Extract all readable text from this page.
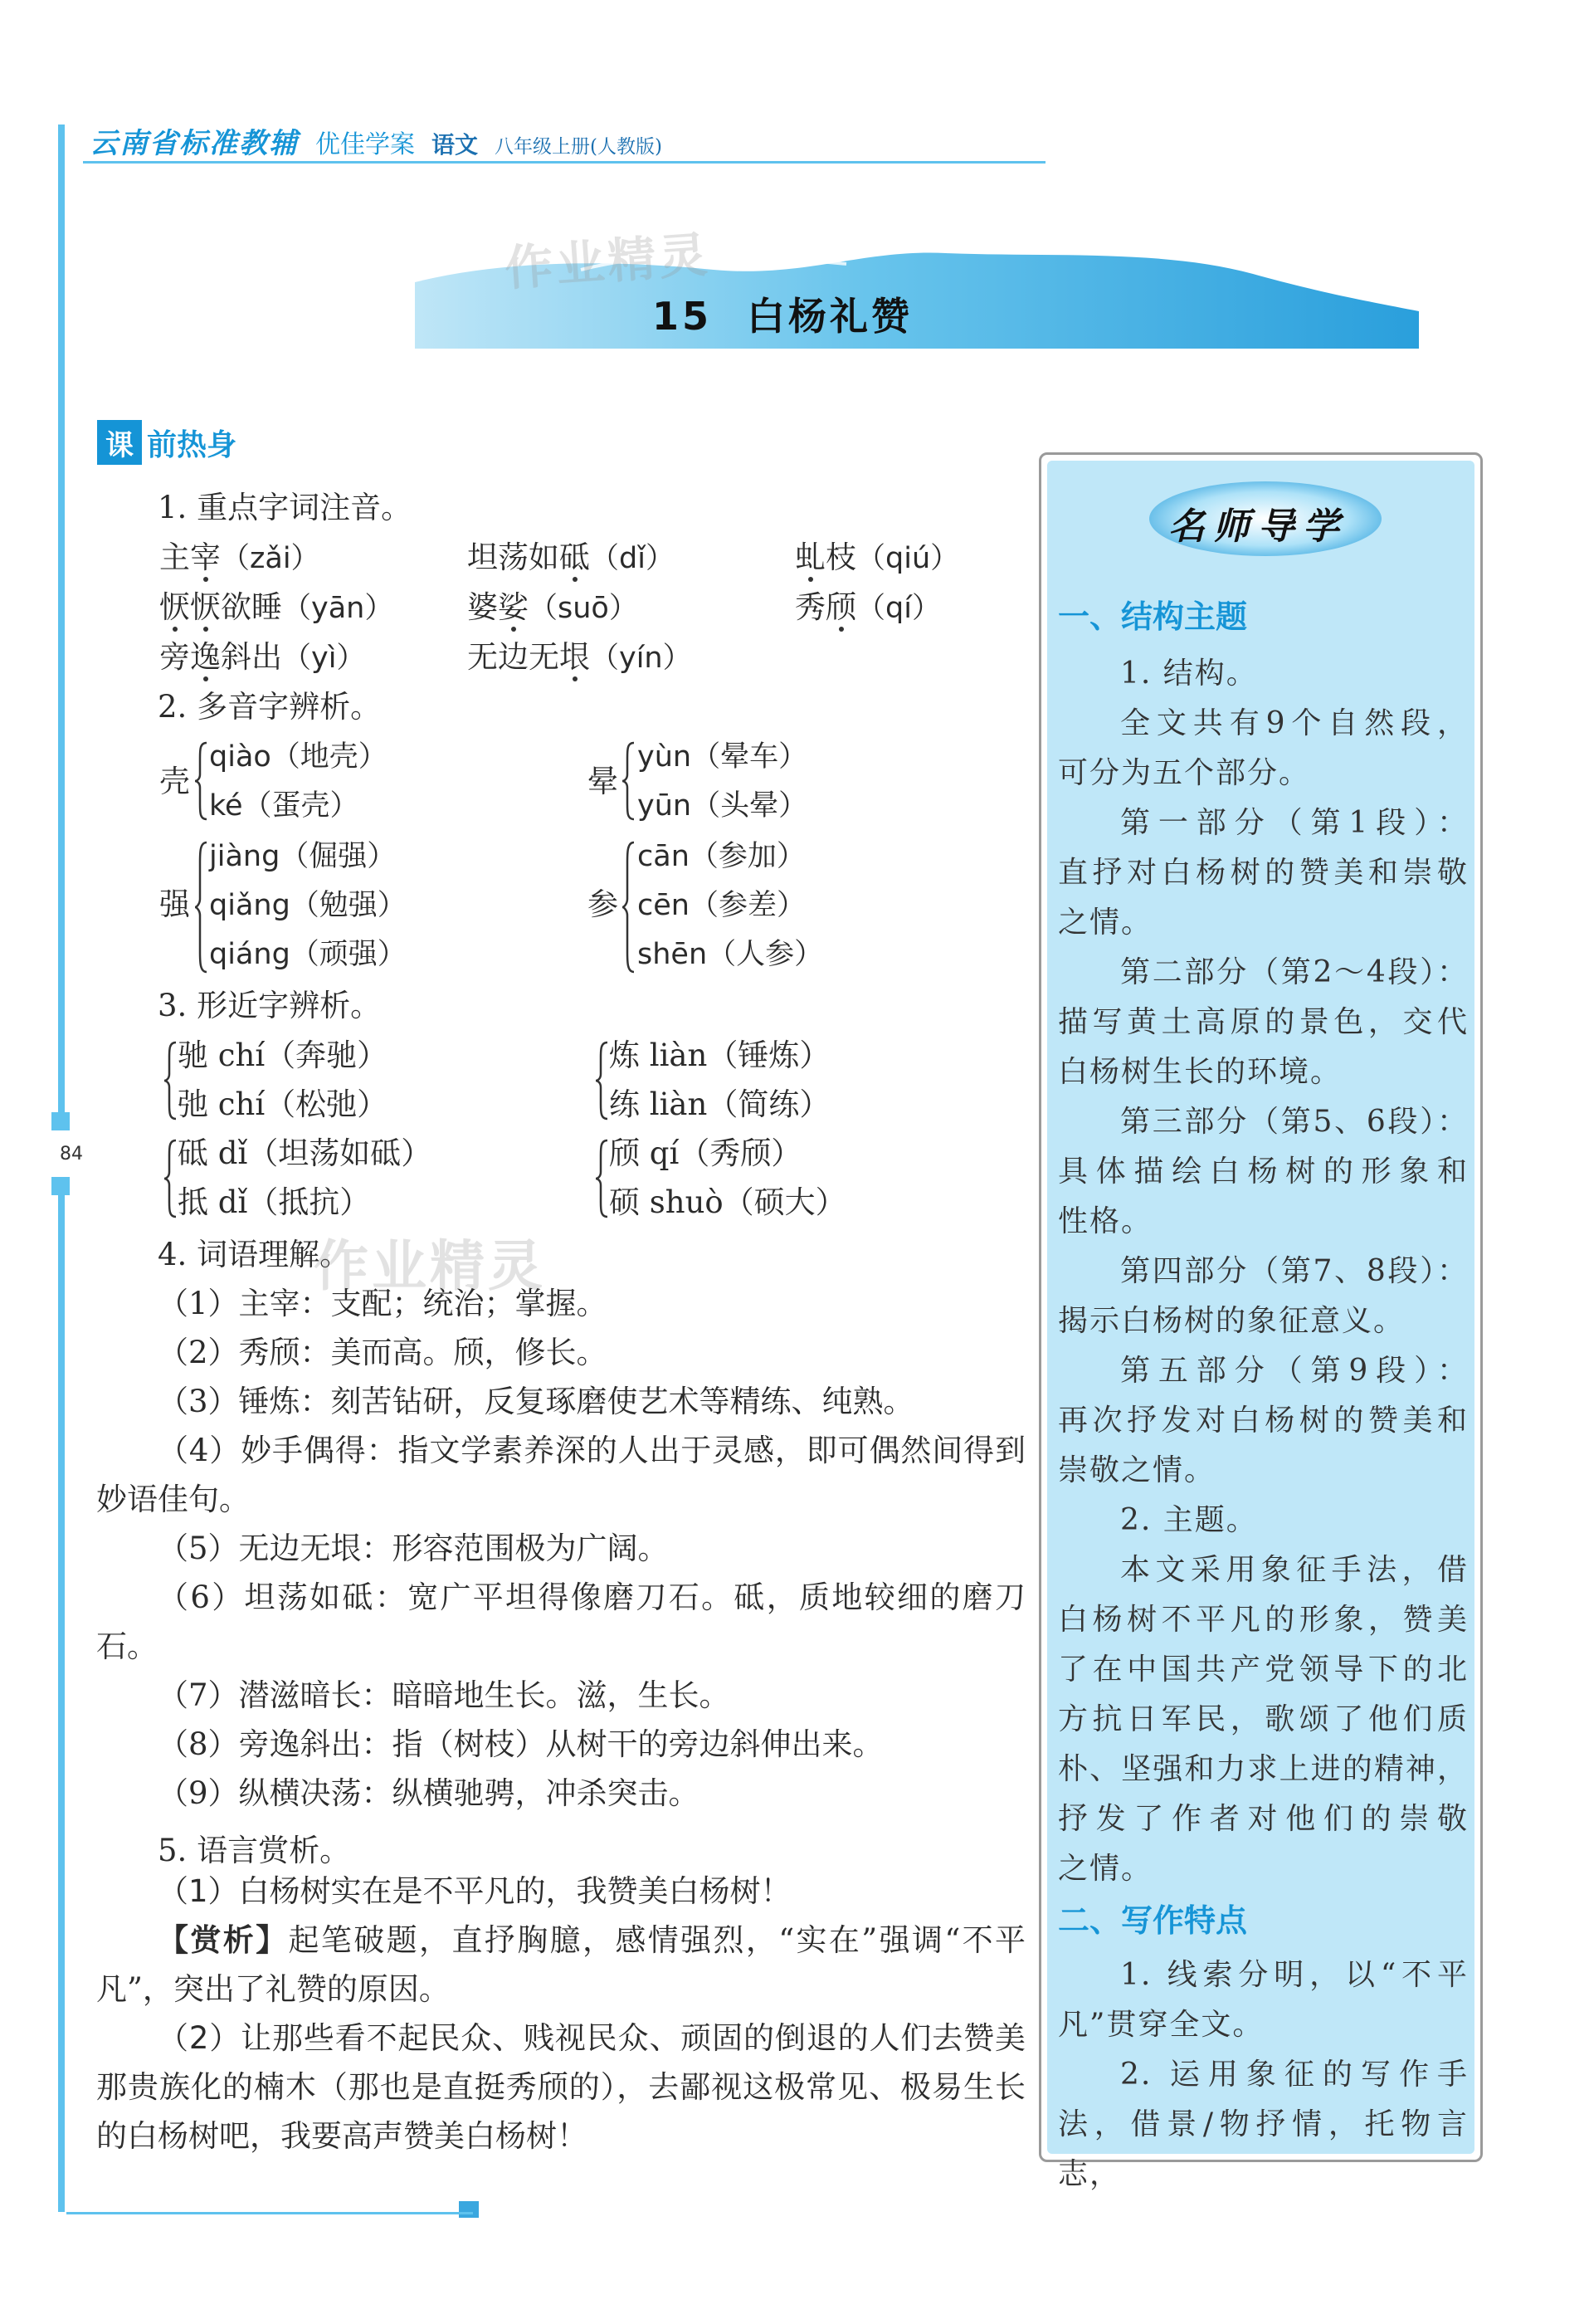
84
云南省标准教辅 优佳学案 语文 八年级上册(人教版)
作业精灵
15 白杨礼赞
课 前热身
1. 重点字词注音。
主宰（zǎi）	坦荡如砥（dǐ）	虬枝（qiú）
恹恹欲睡（yān） 婆娑（suō）	秀颀（qí）
旁逸斜出（yì）	无边无垠（yín）
2. 多音字辨析。
壳
qiào（地壳）
ké（蛋壳）
晕
yùn（晕车）
yūn（头晕）
强
jiàng（倔强）
qiǎng（勉强）
qiáng（顽强）
参
cān（参加）
cēn（参差）
shēn（人参）
3. 形近字辨析。
驰 chí（奔驰）
弛 chí（松弛）
炼 liàn（锤炼）
练 liàn（简练）
砥 dǐ（坦荡如砥）
抵 dǐ（抵抗）
颀 qí（秀颀）
硕 shuò（硕大）
4. 词语理解。
作业精灵
（1）主宰：支配；统治；掌握。
（2）秀颀：美而高。颀，修长。
（3）锤炼：刻苦钻研，反复琢磨使艺术等精练、纯熟。
（4）妙手偶得：指文学素养深的人出于灵感，即可偶然间得到妙语佳句。
（5）无边无垠：形容范围极为广阔。
（6）坦荡如砥：宽广平坦得像磨刀石。砥，质地较细的磨刀石。
（7）潜滋暗长：暗暗地生长。滋，生长。
（8）旁逸斜出：指（树枝）从树干的旁边斜伸出来。
（9）纵横决荡：纵横驰骋，冲杀突击。
5. 语言赏析。
（1）白杨树实在是不平凡的，我赞美白杨树！
【赏析】起笔破题，直抒胸臆，感情强烈，“实在”强调“不平凡”，突出了礼赞的原因。
（2）让那些看不起民众、贱视民众、顽固的倒退的人们去赞美那贵族化的楠木（那也是直挺秀颀的），去鄙视这极常见、极易生长的白杨树吧，我要高声赞美白杨树！
名师导学
一、结构主题
1. 结构。
全文共有9个自然段，
可分为五个部分。
第一部分（第1段）：
直抒对白杨树的赞美和崇敬
之情。
第二部分（第2～4段）：
描写黄土高原的景色，交代
白杨树生长的环境。
第三部分（第5、6段）：
具体描绘白杨树的形象和
性格。
第四部分（第7、8段）：
揭示白杨树的象征意义。
第五部分（第9段）：
再次抒发对白杨树的赞美和
崇敬之情。
2. 主题。
本文采用象征手法，借
白杨树不平凡的形象，赞美
了在中国共产党领导下的北
方抗日军民，歌颂了他们质
朴、坚强和力求上进的精神，
抒发了作者对他们的崇敬
之情。
二、写作特点
1. 线索分明，以“不平
凡”贯穿全文。
2. 运用象征的写作手
法，借景/物抒情，托物言志，
